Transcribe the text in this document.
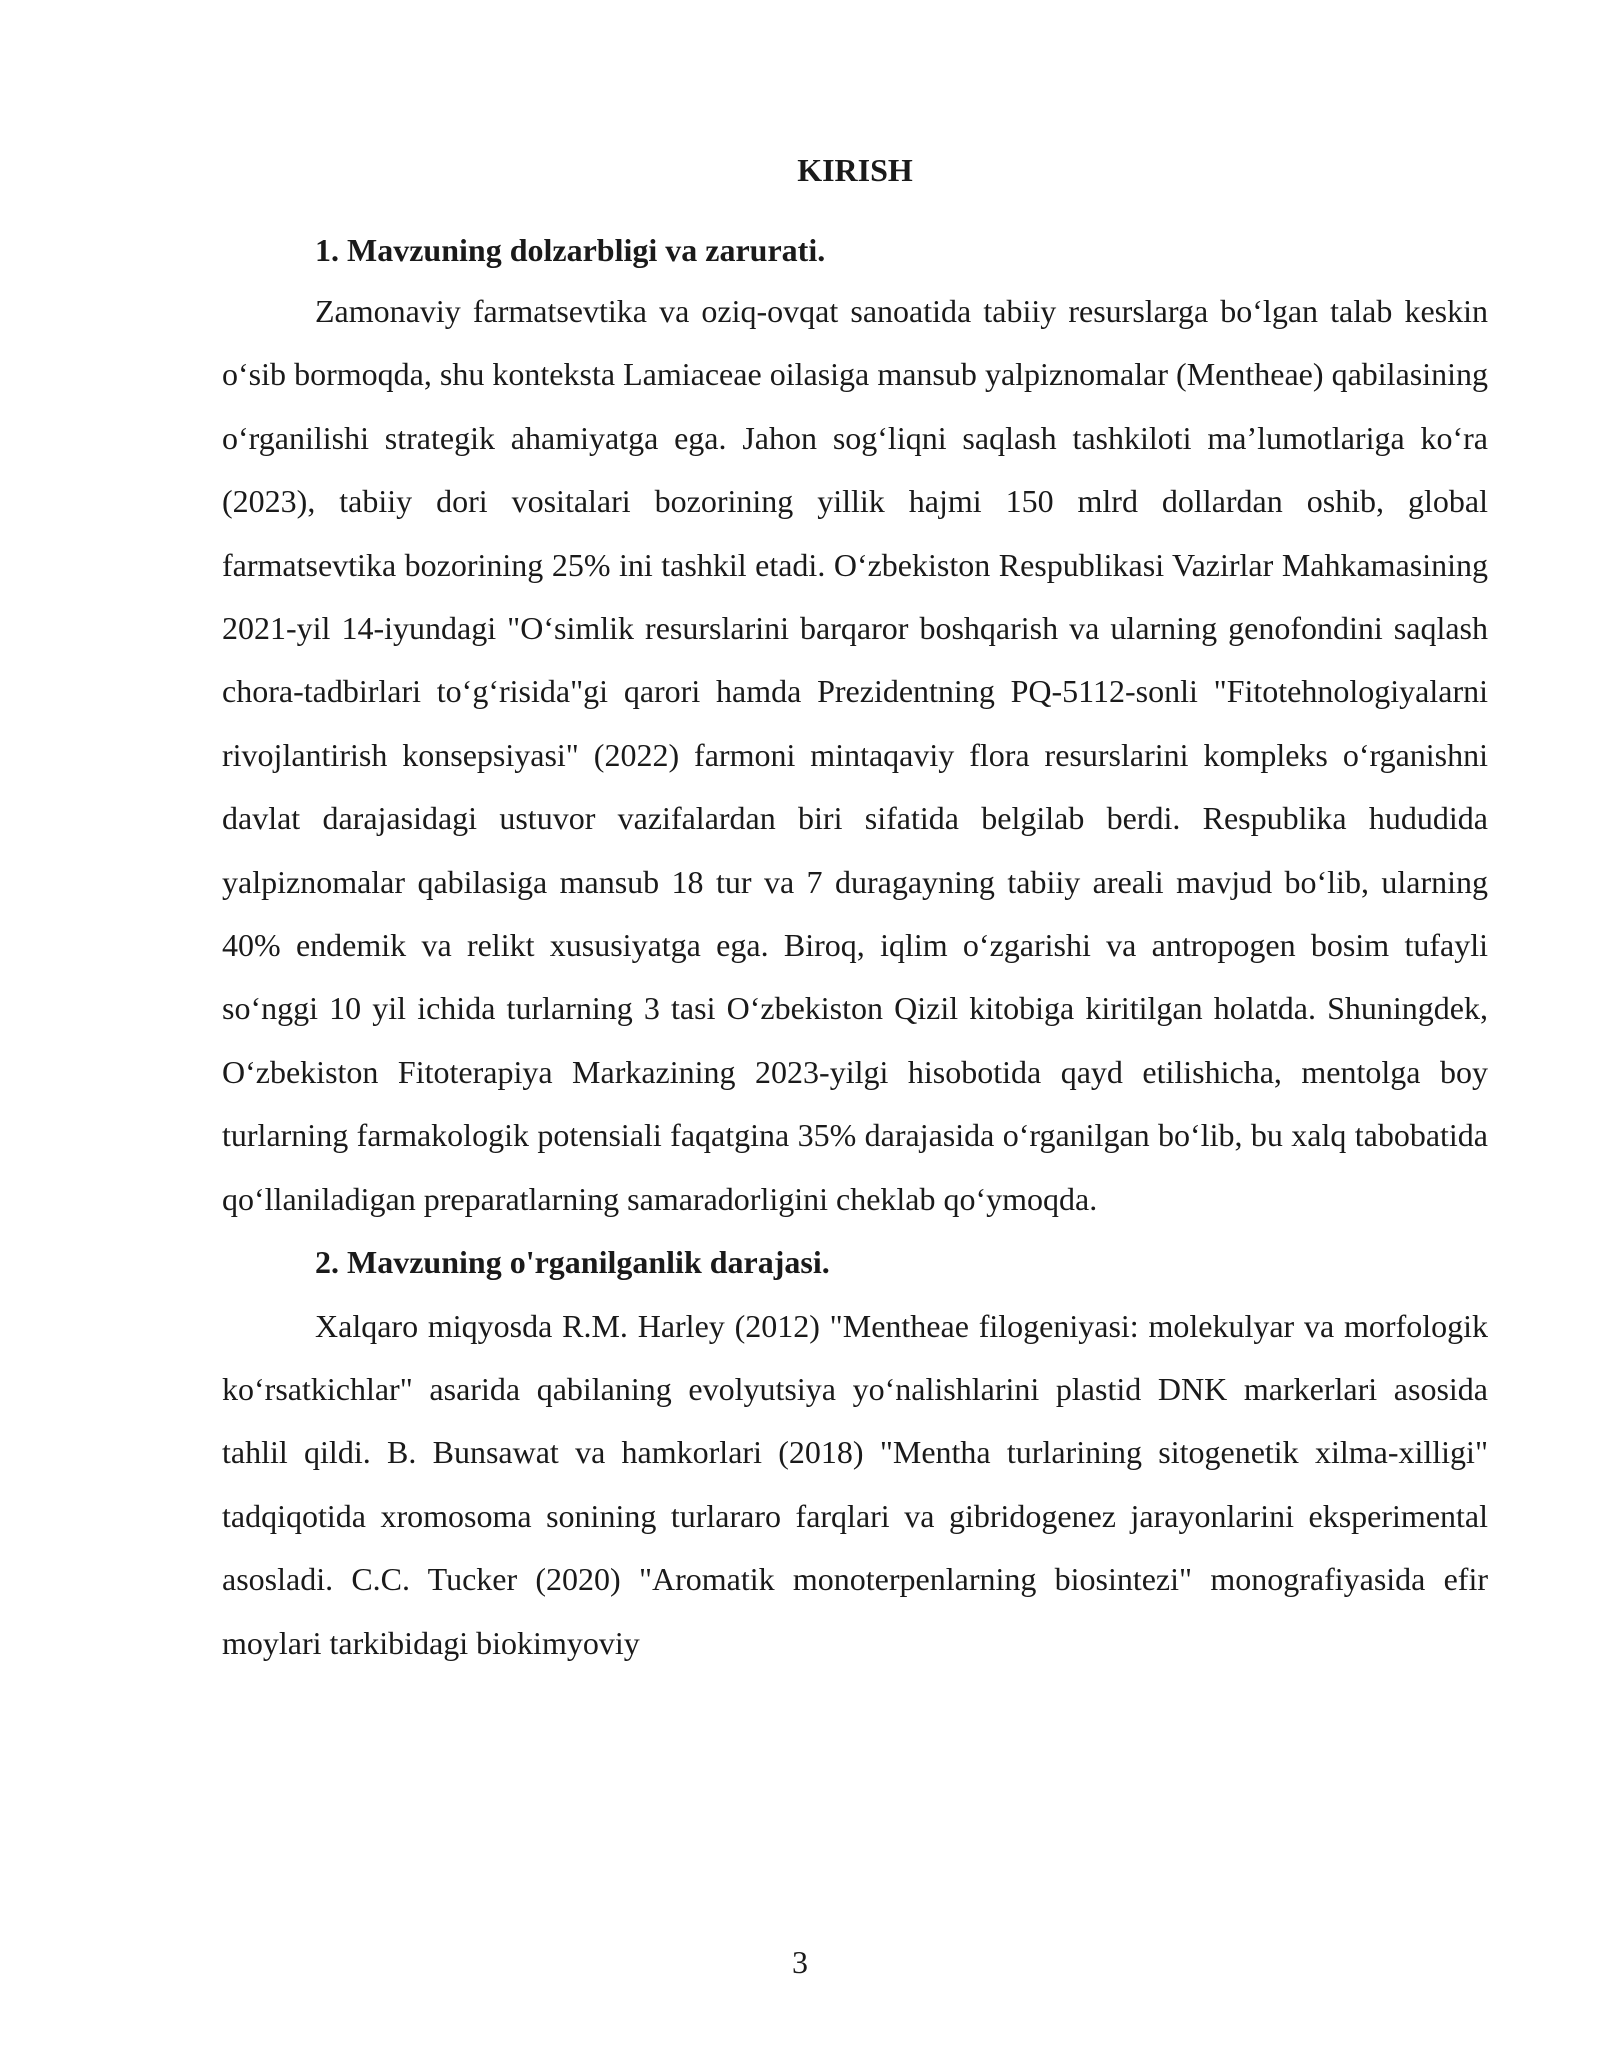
KIRISH
1. Mavzuning dolzarbligi va zarurati.

Zamonaviy farmatsevtika va oziq-ovqat sanoatida tabiiy resurslarga boʻlgan talab keskin oʻsib bormoqda, shu konteksta Lamiaceae oilasiga mansub yalpiznomalar (Mentheae) qabilasining oʻrganilishi strategik ahamiyatga ega. Jahon sogʻliqni saqlash tashkiloti maʼlumotlariga koʻra (2023), tabiiy dori vositalari bozorining yillik hajmi 150 mlrd dollardan oshib, global farmatsevtika bozorining 25% ini tashkil etadi. Oʻzbekiston Respublikasi Vazirlar Mahkamasining 2021-yil 14-iyundagi "Oʻsimlik resurslarini barqaror boshqarish va ularning genofondini saqlash chora-tadbirlari toʻgʻrisida"gi qarori hamda Prezidentning PQ-5112-sonli "Fitotehnologiyalarni rivojlantirish konsepsiyasi" (2022) farmoni mintaqaviy flora resurslarini kompleks oʻrganishni davlat darajasidagi ustuvor vazifalardan biri sifatida belgilab berdi. Respublika hududida yalpiznomalar qabilasiga mansub 18 tur va 7 duragayning tabiiy areali mavjud boʻlib, ularning 40% endemik va relikt xususiyatga ega. Biroq, iqlim oʻzgarishi va antropogen bosim tufayli soʻnggi 10 yil ichida turlarning 3 tasi Oʻzbekiston Qizil kitobiga kiritilgan holatda. Shuningdek, Oʻzbekiston Fitoterapiya Markazining 2023-yilgi hisobotida qayd etilishicha, mentolga boy turlarning farmakologik potensiali faqatgina 35% darajasida oʻrganilgan boʻlib, bu xalq tabobatida qoʻllaniladigan preparatlarning samaradorligini cheklab qoʻymoqda.

2. Mavzuning o'rganilganlik darajasi.

Xalqaro miqyosda R.M. Harley (2012) "Mentheae filogeniyasi: molekulyar va morfologik koʻrsatkichlar" asarida qabilaning evolyutsiya yoʻnalishlarini plastid DNK markerlari asosida tahlil qildi. B. Bunsawat va hamkorlari (2018) "Mentha turlarining sitogenetik xilma-xilligi" tadqiqotida xromosoma sonining turlararo farqlari va gibridogenez jarayonlarini eksperimental asosladi. C.C. Tucker (2020) "Aromatik monoterpenlarning biosintezi" monografiyasida efir moylari tarkibidagi biokimyoviy

3
